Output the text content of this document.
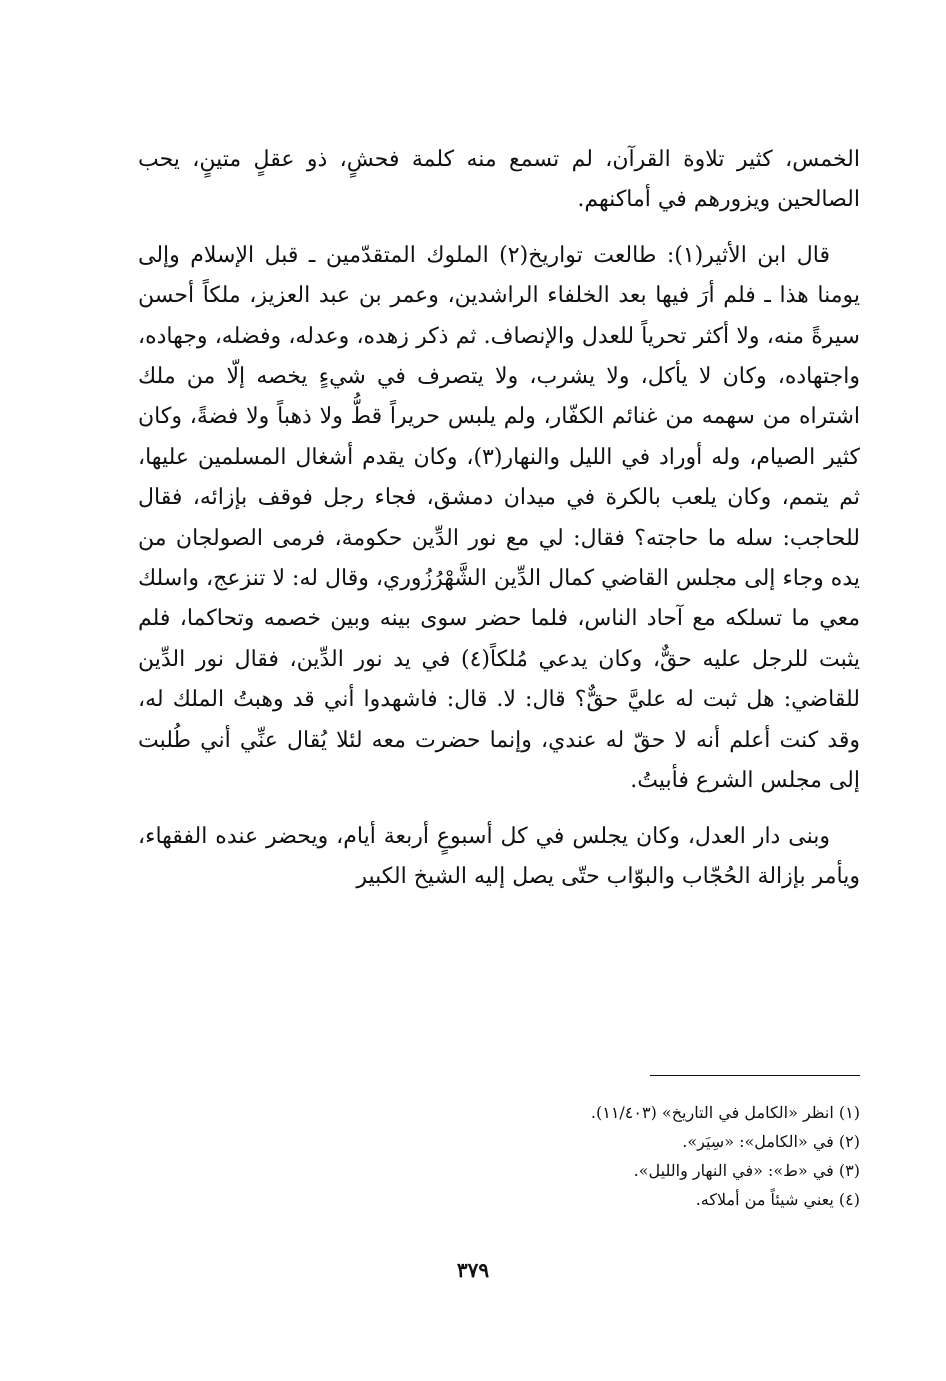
الخمس، كثير تلاوة القرآن، لم تسمع منه كلمة فحشٍ، ذو عقلٍ متينٍ، يحب الصالحين ويزورهم في أماكنهم.

قال ابن الأثير(١): طالعت تواريخ(٢) الملوك المتقدّمين ـ قبل الإسلام وإلى يومنا هذا ـ فلم أرَ فيها بعد الخلفاء الراشدين، وعمر بن عبد العزيز، ملكاً أحسن سيرةً منه، ولا أكثر تحرياً للعدل والإنصاف. ثم ذكر زهده، وعدله، وفضله، وجهاده، واجتهاده، وكان لا يأكل، ولا يشرب، ولا يتصرف في شيءٍ يخصه إلّا من ملك اشتراه من سهمه من غنائم الكفّار، ولم يلبس حريراً قطُّ ولا ذهباً ولا فضةً، وكان كثير الصيام، وله أوراد في الليل والنهار(٣)، وكان يقدم أشغال المسلمين عليها، ثم يتمم، وكان يلعب بالكرة في ميدان دمشق، فجاء رجل فوقف بإزائه، فقال للحاجب: سله ما حاجته؟ فقال: لي مع نور الدِّين حكومة، فرمى الصولجان من يده وجاء إلى مجلس القاضي كمال الدِّين الشَّهْرُزُوري، وقال له: لا تنزعج، واسلك معي ما تسلكه مع آحاد الناس، فلما حضر سوى بينه وبين خصمه وتحاكما، فلم يثبت للرجل عليه حقٌّ، وكان يدعي مُلكاً(٤) في يد نور الدِّين، فقال نور الدِّين للقاضي: هل ثبت له عليَّ حقٌّ؟ قال: لا. قال: فاشهدوا أني قد وهبتُ الملك له، وقد كنت أعلم أنه لا حقّ له عندي، وإنما حضرت معه لئلا يُقال عنِّي أني طُلبت إلى مجلس الشرع فأبيتُ.

وبنى دار العدل، وكان يجلس في كل أسبوعٍ أربعة أيام، ويحضر عنده الفقهاء، ويأمر بإزالة الحُجّاب والبوّاب حتّى يصل إليه الشيخ الكبير

(١) انظر «الكامل في التاريخ» (١١/٤٠٣).

(٢) في «الكامل»: «سِيَر».

(٣) في «ط»: «في النهار والليل».

(٤) يعني شيئاً من أملاكه.

٣٧٩
